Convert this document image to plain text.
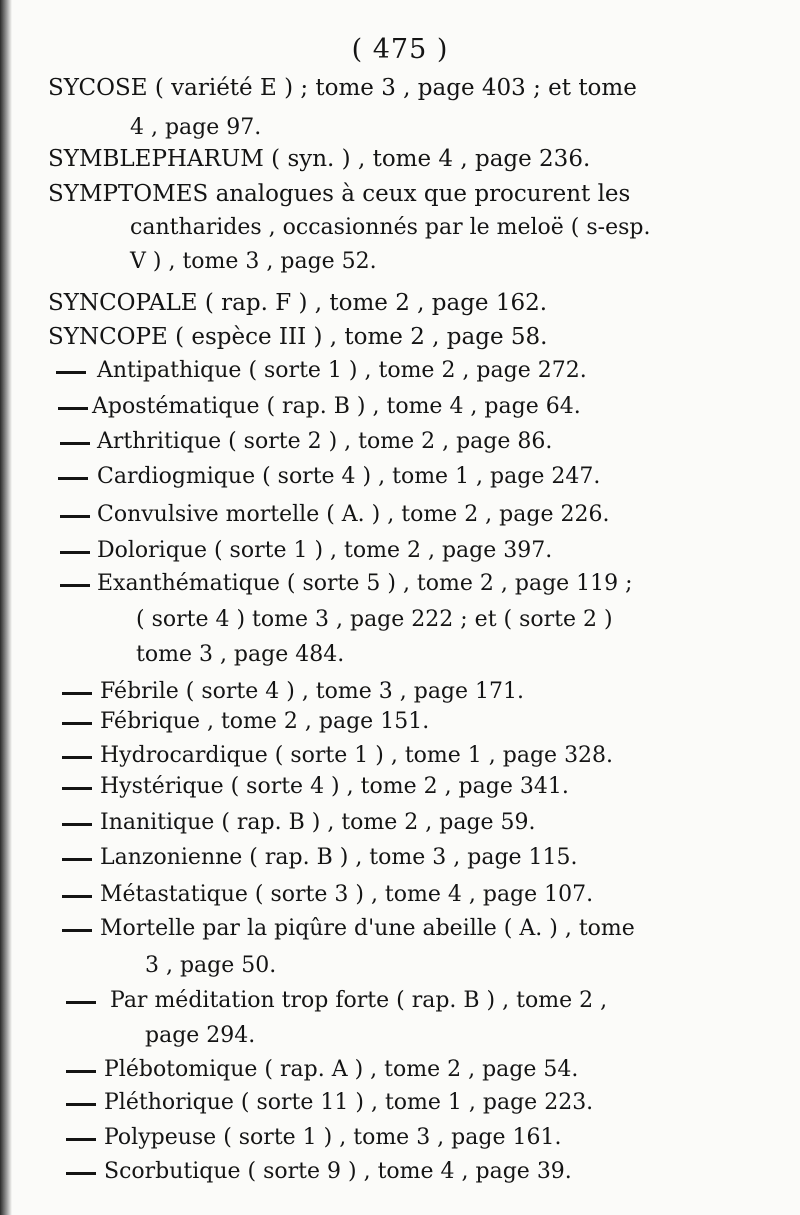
( 475 )
SYCOSE ( variété E ) ; tome 3 , page 403 ; et tome
4 , page 97.
SYMBLEPHARUM ( syn. ) , tome 4 , page 236.
SYMPTOMES analogues à ceux que procurent les
cantharides , occasionnés par le meloë ( s-esp.
V ) , tome 3 , page 52.
SYNCOPALE ( rap. F ) , tome 2 , page 162.
SYNCOPE ( espèce III ) , tome 2 , page 58.
Antipathique ( sorte 1 ) , tome 2 , page 272.
Apostématique ( rap. B ) , tome 4 , page 64.
Arthritique ( sorte 2 ) , tome 2 , page 86.
Cardiogmique ( sorte 4 ) , tome 1 , page 247.
Convulsive mortelle ( A. ) , tome 2 , page 226.
Dolorique ( sorte 1 ) , tome 2 , page 397.
Exanthématique ( sorte 5 ) , tome 2 , page 119 ;
( sorte 4 ) tome 3 , page 222 ; et ( sorte 2 )
tome 3 , page 484.
Fébrile ( sorte 4 ) , tome 3 , page 171.
Fébrique , tome 2 , page 151.
Hydrocardique ( sorte 1 ) , tome 1 , page 328.
Hystérique ( sorte 4 ) , tome 2 , page 341.
Inanitique ( rap. B ) , tome 2 , page 59.
Lanzonienne ( rap. B ) , tome 3 , page 115.
Métastatique ( sorte 3 ) , tome 4 , page 107.
Mortelle par la piqûre d'une abeille ( A. ) , tome
3 , page 50.
Par méditation trop forte ( rap. B ) , tome 2 ,
page 294.
Plébotomique ( rap. A ) , tome 2 , page 54.
Pléthorique ( sorte 11 ) , tome 1 , page 223.
Polypeuse ( sorte 1 ) , tome 3 , page 161.
Scorbutique ( sorte 9 ) , tome 4 , page 39.
